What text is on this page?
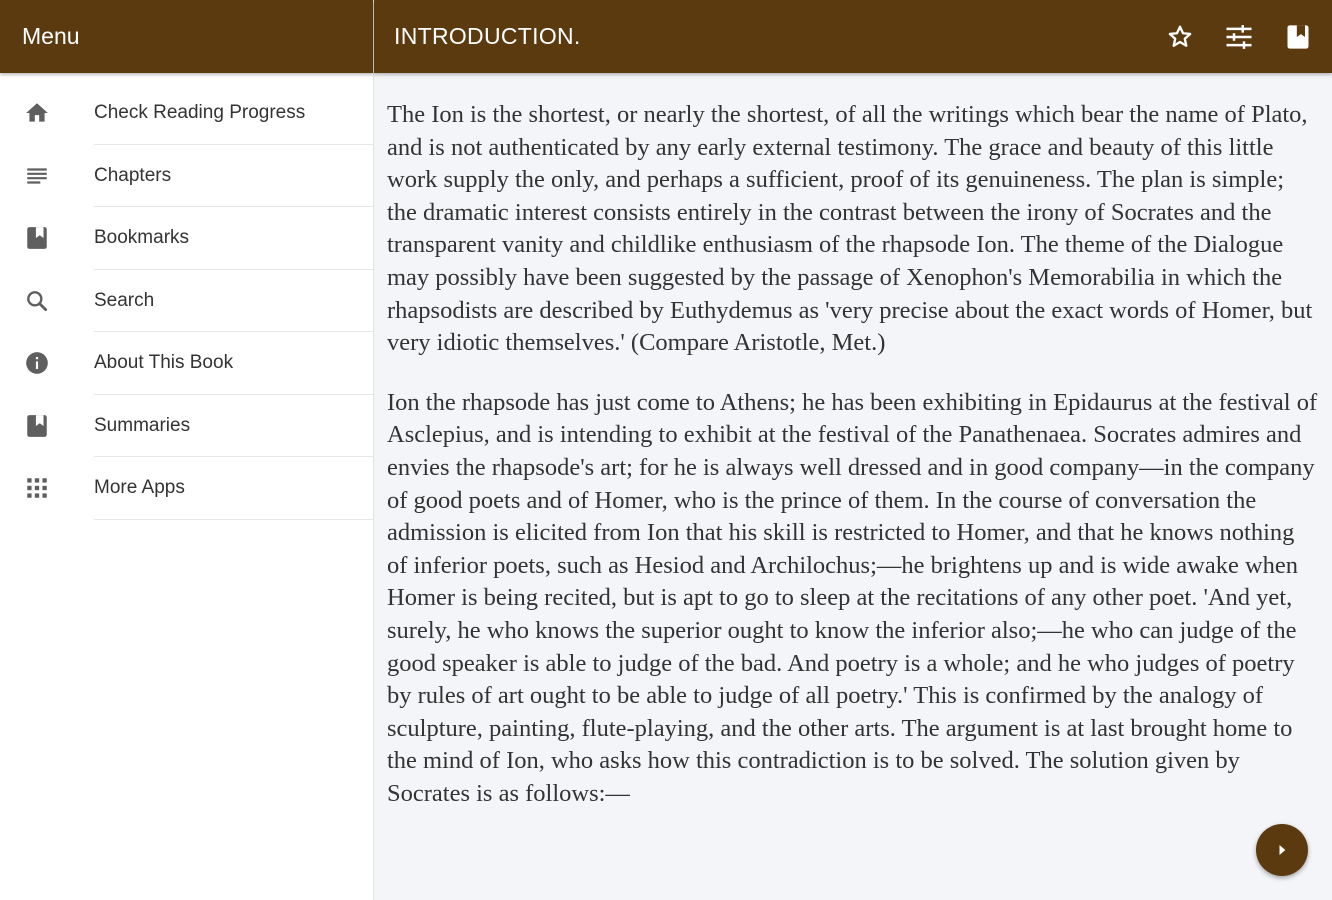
Menu
Check Reading Progress
Chapters
Bookmarks
Search
About This Book
Summaries
More Apps
INTRODUCTION.

The Ion is the shortest, or nearly the shortest, of all the writings which bear the name of Plato, and is not authenticated by any early external testimony. The grace and beauty of this little work supply the only, and perhaps a sufficient, proof of its genuineness. The plan is simple; the dramatic interest consists entirely in the contrast between the irony of Socrates and the transparent vanity and childlike enthusiasm of the rhapsode Ion. The theme of the Dialogue may possibly have been suggested by the passage of Xenophon's Memorabilia in which the rhapsodists are described by Euthydemus as 'very precise about the exact words of Homer, but very idiotic themselves.' (Compare Aristotle, Met.)

Ion the rhapsode has just come to Athens; he has been exhibiting in Epidaurus at the festival of Asclepius, and is intending to exhibit at the festival of the Panathenaea. Socrates admires and envies the rhapsode's art; for he is always well dressed and in good company—in the company of good poets and of Homer, who is the prince of them. In the course of conversation the admission is elicited from Ion that his skill is restricted to Homer, and that he knows nothing of inferior poets, such as Hesiod and Archilochus;—he brightens up and is wide awake when Homer is being recited, but is apt to go to sleep at the recitations of any other poet. 'And yet, surely, he who knows the superior ought to know the inferior also;—he who can judge of the good speaker is able to judge of the bad. And poetry is a whole; and he who judges of poetry by rules of art ought to be able to judge of all poetry.' This is confirmed by the analogy of sculpture, painting, flute-playing, and the other arts. The argument is at last brought home to the mind of Ion, who asks how this contradiction is to be solved. The solution given by Socrates is as follows:—
